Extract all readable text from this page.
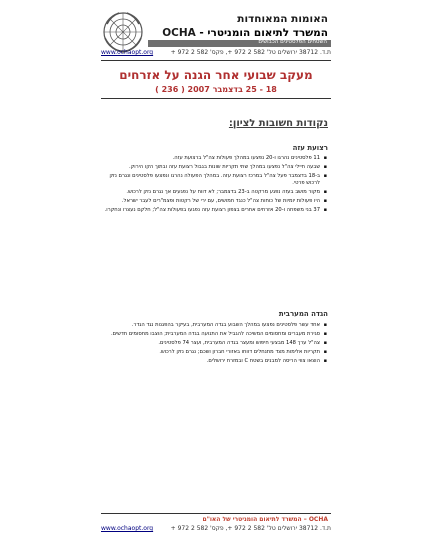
האומות המאוחדות
המשרד לתיאום הומניטרי - OCHA
השטחים הפלסטינים הכבושים
www.ochaopt.org	ת.ד. 38712 ירושלים טל' 582 2 972 +, פקס' 582 2 972 +
מעקב שבועי אחר הגנה על אזרחים
18 - 25 בדצמבר 2007 ( 236 )
נקודות חשובות לציון:
רצועת עזה
▪ 11 פלסטינים נהרגו ו-20 נפצעו במהלך פעולות צה"ל ברצועת עזה.
▪ שבעה חיילי צה"ל נפצעו במהלך שתי תקריות שונות בגבול רצועת עזה ובתוך הקו הירוק.
▪ ב-18 בדצמבר פעל צה"ל במרכז רצועת עזה. במהלך הפעולה נהרגו ונפצעו פלסטינים ונגרם נזק לרכוש פרטי.
▪ מקור מושב בעזה נפגע מרקטה ב-23 בדצמבר; לא דווח על נפגעים אך נגרם נזק לרכוש.
▪ היו פעולות יומיות של כוחות צה"ל כנגד חמושים, עם ירי של רקטות ופצמ"רים לעבר ישראל.
▪ 37 בני משפחה ו-20 אזרחים אחרים בצפון רצועת עזה נפגעו בפעולות צה"ל; חלקם נעצרו ונחקרו.
הגדה המערבית
▪ אחד עשר פלסטינים נפצעו במהלך השבוע בגדה המערבית, בעיקר בהפגנות נגד הגדר.
▪ סגירת מעברים ומחסומים המשיכה להגביל את התנועה בגדה המערבית; הוצבו מחסומים חדשים.
▪ צה"ל ערך 148 מבצעי חיפוש ומעצר בגדה המערבית, ועצר 74 פלסטינים.
▪ תקריות אלימות מצד מתנחלים דווחו באזורי חברון ושכם; נגרם נזק לרכוש.
▪ הוצאו צווי הריסה למבנים בשטח C ובמזרח ירושלים.
OCHA – המשרד לתיאום הומניטרי של האו"ם
www.ochaopt.org	ת.ד. 38712 ירושלים טל' 582 2 972 +, פקס' 582 2 972 +
